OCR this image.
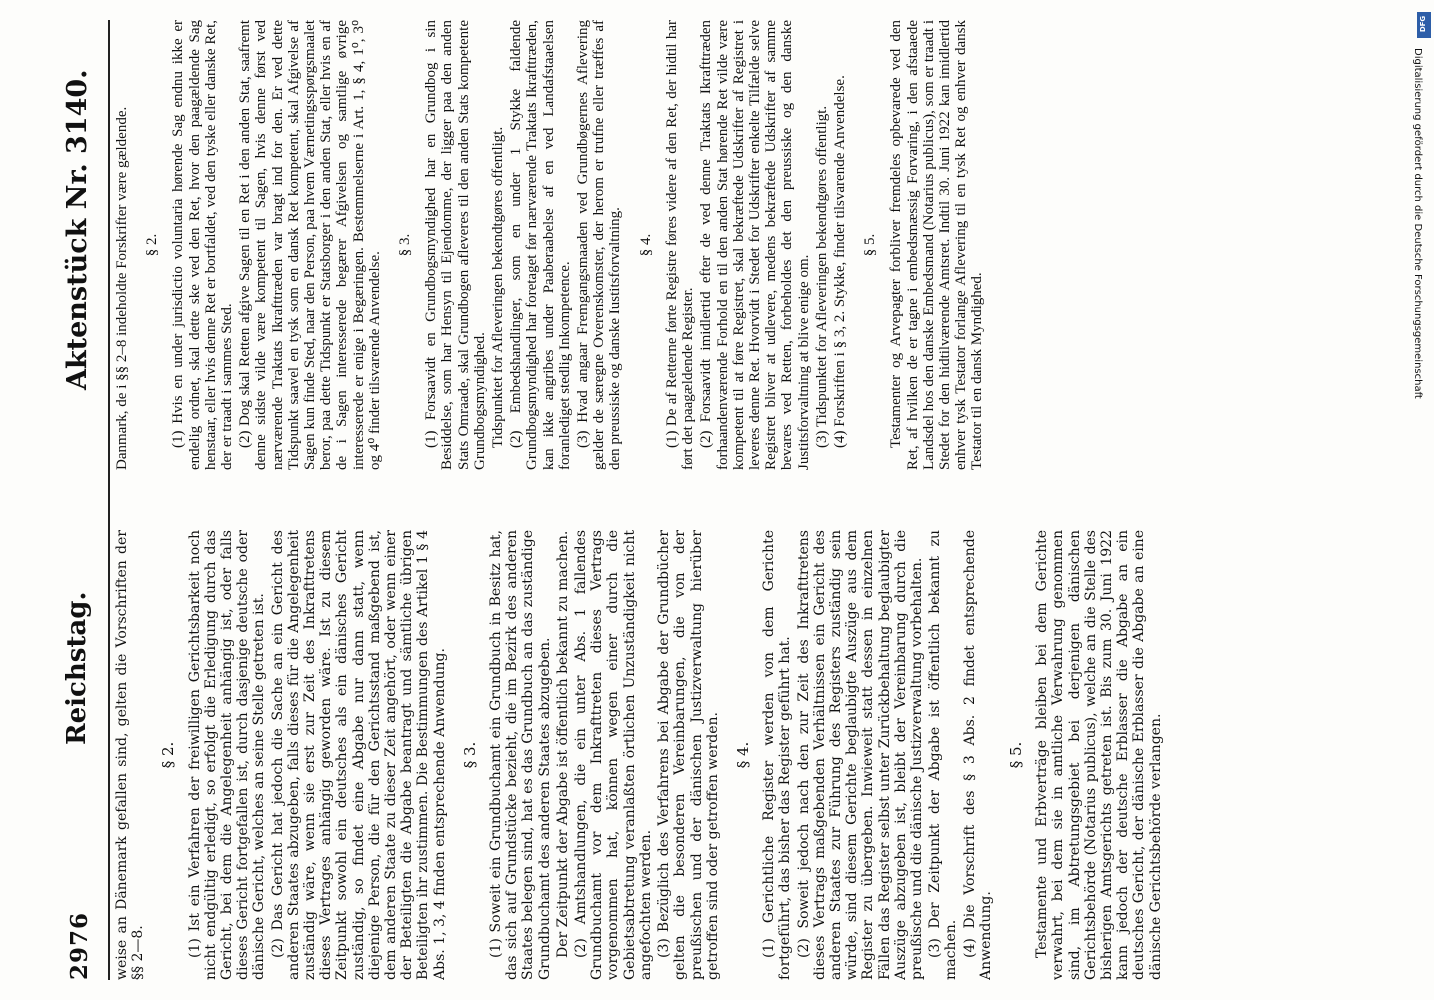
2976
Reichstag.
Aktenstück Nr. 3140.

weise an Dänemark gefallen sind, gelten die Vorschriften der §§ 2—8.

§ 2. (1) Ist ein Verfahren der freiwilligen Gerichtsbarkeit noch nicht endgültig erledigt, so erfolgt die Erledigung durch das Gericht, bei dem die Angelegenheit anhängig ist, oder falls dieses Gericht fortgefallen ist, durch dasjenige deutsche oder dänische Gericht, welches an seine Stelle getreten ist. (2) Das Gericht hat jedoch die Sache an ein Gericht des anderen Staates abzugeben, falls dieses für die Angelegenheit zuständig wäre, wenn sie erst zur Zeit des Inkrafttretens dieses Vertrages anhängig geworden wäre. Ist zu diesem Zeitpunkt sowohl ein deutsches als ein dänisches Gericht zuständig, so findet eine Abgabe nur dann statt, wenn diejenige Person, die für den Gerichtsstand maßgebend ist, dem anderen Staate zu dieser Zeit angehört, oder wenn einer der Beteiligten die Abgabe beantragt und sämtliche übrigen Beteiligten ihr zustimmen. Die Bestimmungen des Artikel 1 § 4 Abs. 1, 3, 4 finden entsprechende Anwendung. § 3. (1) Soweit ein Grundbuchamt ein Grundbuch in Besitz hat, das sich auf Grundstücke bezieht, die im Bezirk des anderen Staates belegen sind, hat es das Grundbuch an das zuständige Grundbuchamt des anderen Staates abzugeben. Der Zeitpunkt der Abgabe ist öffentlich bekannt zu machen. (2) Amtshandlungen, die ein unter Abs. 1 fallendes Grundbuchamt vor dem Inkrafttreten dieses Vertrags vorgenommen hat, können wegen einer durch die Gebietsabtretung veranlaßten örtlichen Unzuständigkeit nicht angefochten werden. (3) Bezüglich des Verfahrens bei Abgabe der Grundbücher gelten die besonderen Vereinbarungen, die von der preußischen und der dänischen Justizverwaltung hierüber getroffen sind oder getroffen werden. § 4. (1) Gerichtliche Register werden von dem Gerichte fortgeführt, das bisher das Register geführt hat. (2) Soweit jedoch nach den zur Zeit des Inkrafttretens dieses Vertrags maßgebenden Verhältnissen ein Gericht des anderen Staates zur Führung des Registers zuständig sein würde, sind diesem Gerichte beglaubigte Auszüge aus dem Register zu übergeben. Inwieweit statt dessen in einzelnen Fällen das Register selbst unter Zurückbehaltung beglaubigter Auszüge abzugeben ist, bleibt der Vereinbarung durch die preußische und die dänische Justizverwaltung vorbehalten. (3) Der Zeitpunkt der Abgabe ist öffentlich bekannt zu machen. (4) Die Vorschrift des § 3 Abs. 2 findet entsprechende Anwendung.

§ 5. Testamente und Erbverträge bleiben bei dem Gerichte verwahrt, bei dem sie in amtliche Verwahrung genommen sind, im Abtretungsgebiet bei derjenigen dänischen Gerichtsbehörde (Notarius publicus), welche an die Stelle des bisherigen Amtsgerichts getreten ist. Bis zum 30. Juni 1922 kann jedoch der deutsche Erblasser die Abgabe an ein deutsches Gericht, der dänische Erblasser die Abgabe an eine dänische Gerichtsbehörde verlangen.

Danmark, de i §§ 2–8 indeholdte Forskrifter være gældende. § 2. (1) Hvis en under jurisdictio voluntaria hørende Sag endnu ikke er endelig ordnet, skal dette ske ved den Ret, hvor den paagældende Sag henstaar, eller hvis denne Ret er bortfaldet, ved den tyske eller danske Ret, der er traadt i sammes Sted. (2) Dog skal Retten afgive Sagen til en Ret i den anden Stat, saafremt denne sidste vilde være kompetent til Sagen, hvis denne først ved nærværende Traktats Ikrafttræden var bragt ind for den. Er ved dette Tidspunkt saavel en tysk som en dansk Ret kompetent, skal Afgivelse af Sagen kun finde Sted, naar den Person, paa hvem Værnetingsspørgsmaalet beror, paa dette Tidspunkt er Statsborger i den anden Stat, eller hvis en af de i Sagen interesserede begærer Afgivelsen og samtlige øvrige interesserede er enige i Begæringen. Bestemmelserne i Art. 1, § 4, 1⁰, 3⁰ og 4⁰ finder tilsvarende Anvendelse.

§ 3. (1) Forsaavidt en Grundbogsmyndighed har en Grundbog i sin Besiddelse, som har Hensyn til Ejendomme, der ligger paa den anden Stats Omraade, skal Grundbogen afleveres til den anden Stats kompetente Grundbogsmyndighed. Tidspunktet for Afleveringen bekendtgøres offentligt. (2) Embedshandlinger, som en under 1 Stykke faldende Grundbogsmyndighed har foretaget før nærværende Traktats Ikrafttræden, kan ikke angribes under Paaberaabelse af en ved Landafstaaelsen foranlediget stedlig Inkompetence. (3) Hvad angaar Fremgangsmaaden ved Grundbøgernes Aflevering gælder de særegne Overenskomster, der herom er trufne eller træffes af den preussiske og danske Iustitsforvaltning. § 4. (1) De af Retterne førte Registre føres videre af den Ret, der hidtil har ført det paagældende Register. (2) Forsaavidt imidlertid efter de ved denne Traktats Ikrafttræden forhaandenværende Forhold en til den anden Stat hørende Ret vilde være kompetent til at føre Registret, skal bekræftede Udskrifter af Registret i leveres denne Ret. Hvorvidt i Stedet for Udskrifter enkelte Tilfælde selve Registret bliver at udlevere, medens bekræftede Udskrifter af samme bevares ved Retten, forbeholdes det den preussiske og den danske Justitsforvaltning at blive enige om. (3) Tidspunktet for Afleveringen bekendtgøres offentligt. (4) Forskriften i § 3, 2. Stykke, finder tilsvarende Anvendelse. § 5. Testamenter og Arvepagter forbliver fremdeles opbevarede ved den Ret, af hvilken de er tagne i embedsmæssig Forvaring, i den afstaaede Landsdel hos den danske Embedsmand (Notarius publicus), som er traadt i Stedet for den hidtilværende Amtsret. Indtil 30. Juni 1922 kan imidlertid enhver tysk Testator forlange Aflevering til en tysk Ret og enhver dansk Testator til en dansk Myndighed.

DFG
Digitalisierung gefördert durch die Deutsche Forschungsgemeinschaft
